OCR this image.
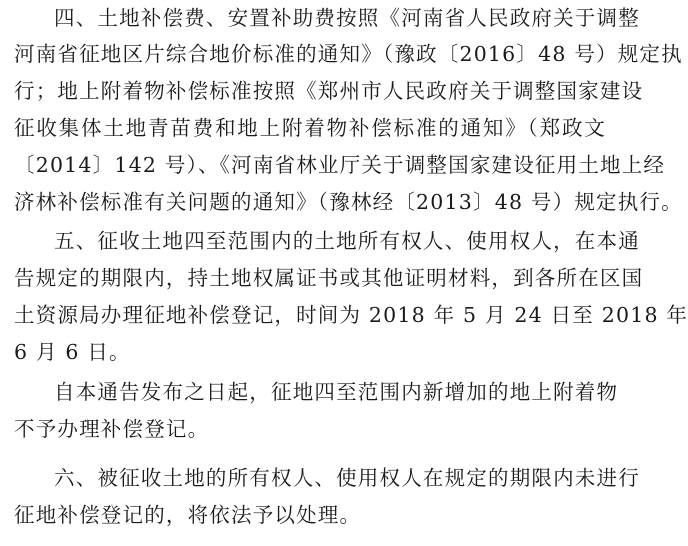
四、土地补偿费、安置补助费按照《河南省人民政府关于调整
河南省征地区片综合地价标准的通知》（豫政〔2016〕48 号）规定执
行；地上附着物补偿标准按照《郑州市人民政府关于调整国家建设
征收集体土地青苗费和地上附着物补偿标准的通知》（郑政文
〔2014〕142 号）、《河南省林业厅关于调整国家建设征用土地上经
济林补偿标准有关问题的通知》（豫林经〔2013〕48 号）规定执行。
五、征收土地四至范围内的土地所有权人、使用权人，在本通
告规定的期限内，持土地权属证书或其他证明材料，到各所在区国
土资源局办理征地补偿登记，时间为 2018 年 5 月 24 日至 2018 年
6 月 6 日。
自本通告发布之日起，征地四至范围内新增加的地上附着物
不予办理补偿登记。
六、被征收土地的所有权人、使用权人在规定的期限内未进行
征地补偿登记的，将依法予以处理。
